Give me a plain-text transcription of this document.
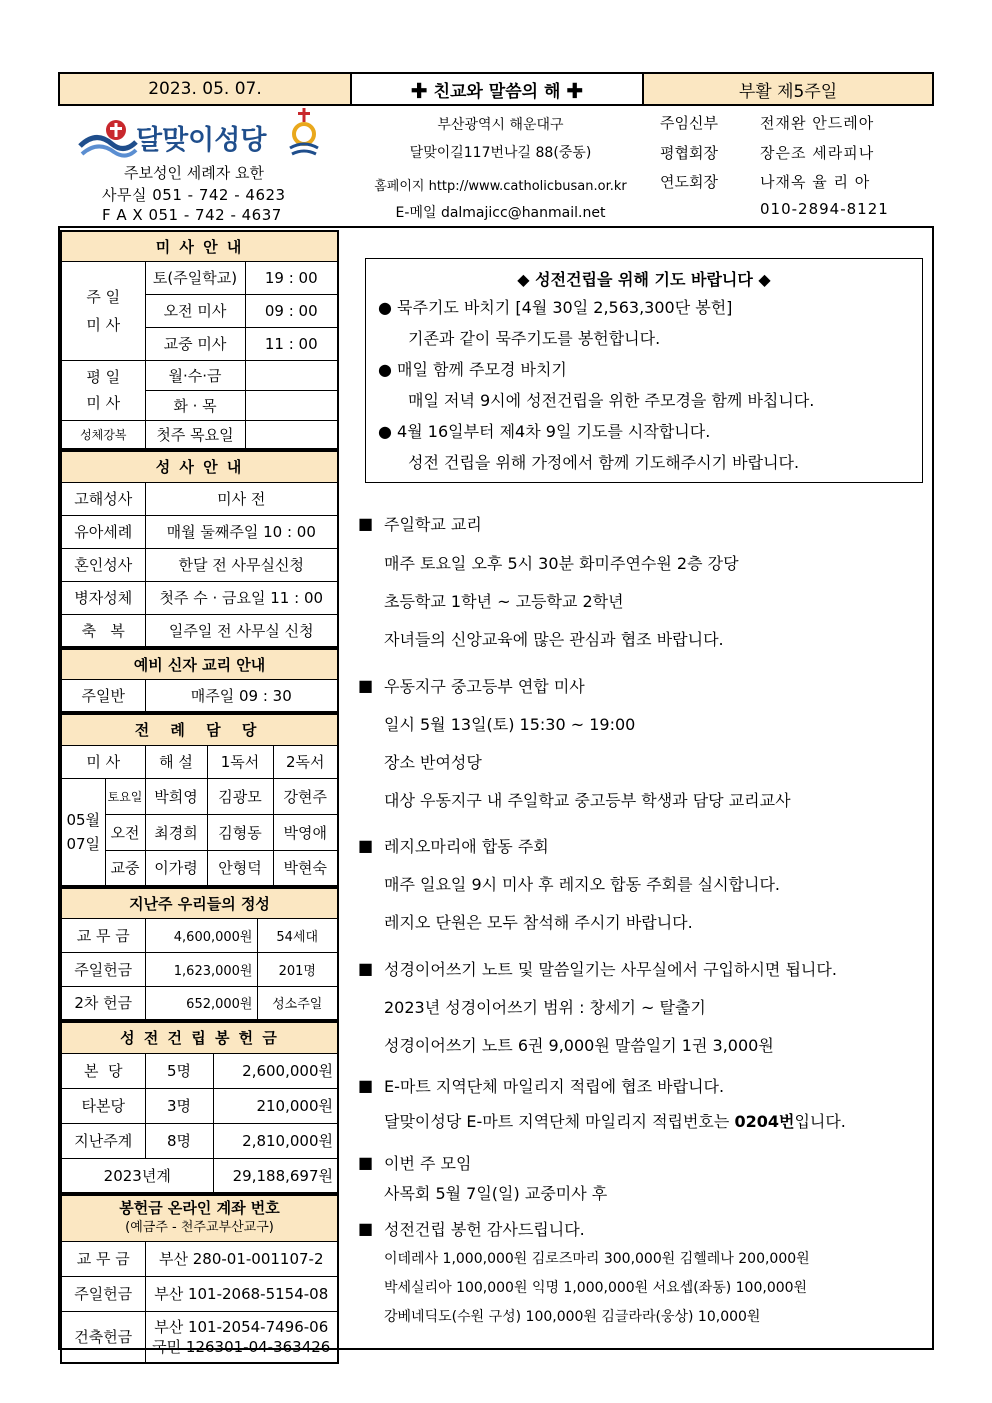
2023. 05. 07.	✚ 친교와 말씀의 해 ✚	부활 제5주일
달맞이성당
주보성인 세례자 요한
사무실 051 - 742 - 4623
F A X 051 - 742 - 4637
부산광역시 해운대구
달맞이길117번나길 88(중동)
홈페이지 http://www.catholicbusan.or.kr
E-메일 dalmajicc@hanmail.net
주임신부	전재완 안드레아
평협회장	장은조 세라피나
연도회장	나재옥 율 리 아
010-2894-8121
미 사 안 내		
주 일
미 사	토(주일학교)	19 : 00
	오전 미사	09 : 00
	교중 미사	11 : 00
평 일
미 사	월·수·금	
	화 · 목	
성체강복	첫주 목요일	
성 사 안 내	
고해성사	미사 전
유아세례	매월 둘째주일 10 : 00
혼인성사	한달 전 사무실신청
병자성체	첫주 수 · 금요일 11 : 00
축   복	일주일 전 사무실 신청
예비 신자 교리 안내
주일반	매주일 09 : 30
전 례 담 당				
미 사		해 설	1독서	2독서
05월
07일	토요일	박희영	김광모	강현주
	오전	최경희	김형동	박영애
	교중	이가령	안형덕	박현숙
지난주 우리들의 정성		
교 무 금	4,600,000원	54세대
주일헌금	1,623,000원	201명
2차 헌금	652,000원	성소주일
성 전 건 립 봉 헌 금		
본  당	5명	2,600,000원
타본당	3명	210,000원
지난주계	8명	2,810,000원
2023년계		29,188,697원
봉헌금 온라인 계좌 번호
(예금주 - 천주교부산교구)	
교 무 금	부산 280-01-001107-2
주일헌금	부산 101-2068-5154-08
건축헌금	부산 101-2054-7496-06
국민 126301-04-363426
◆ 성전건립을 위해 기도 바랍니다 ◆
● 묵주기도 바치기 [4월 30일 2,563,300단 봉헌]
기존과 같이 묵주기도를 봉헌합니다.
● 매일 함께 주모경 바치기
매일 저녁 9시에 성전건립을 위한 주모경을 함께 바칩니다.
● 4월 16일부터 제4차 9일 기도를 시작합니다.
성전 건립을 위해 가정에서 함께 기도해주시기 바랍니다.
■ 주일학교 교리
매주 토요일 오후 5시 30분 화미주연수원 2층 강당
초등학교 1학년 ~ 고등학교 2학년
자녀들의 신앙교육에 많은 관심과 협조 바랍니다.
■ 우동지구 중고등부 연합 미사
일시 5월 13일(토) 15:30 ~ 19:00
장소 반여성당
대상 우동지구 내 주일학교 중고등부 학생과 담당 교리교사
■ 레지오마리애 합동 주회
매주 일요일 9시 미사 후 레지오 합동 주회를 실시합니다.
레지오 단원은 모두 참석해 주시기 바랍니다.
■ 성경이어쓰기 노트 및 말씀일기는 사무실에서 구입하시면 됩니다.
2023년 성경이어쓰기 범위 : 창세기 ~ 탈출기
성경이어쓰기 노트 6권 9,000원 말씀일기 1권 3,000원
■ E-마트 지역단체 마일리지 적립에 협조 바랍니다.
달맞이성당 E-마트 지역단체 마일리지 적립번호는 0204번입니다.
■ 이번 주 모임
사목회 5월 7일(일) 교중미사 후
■ 성전건립 봉헌 감사드립니다.
이데레사 1,000,000원 김로즈마리 300,000원 김헬레나 200,000원
박세실리아 100,000원 익명 1,000,000원 서요셉(좌동) 100,000원
강베네딕도(수원 구성) 100,000원 김글라라(웅상) 10,000원
